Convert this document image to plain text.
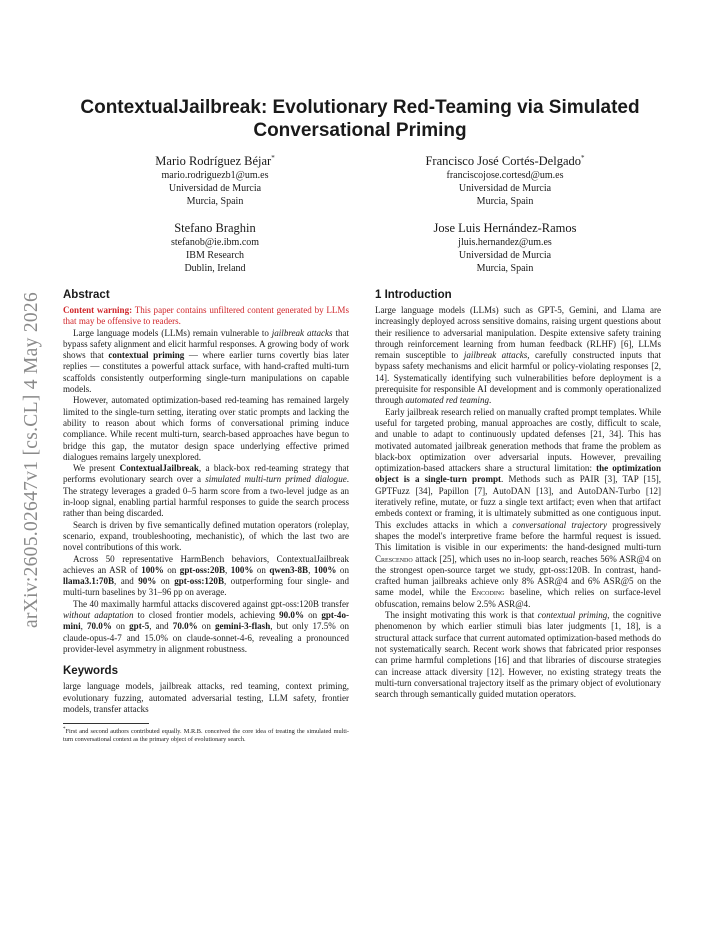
arXiv:2605.02647v1 [cs.CL] 4 May 2026
ContextualJailbreak: Evolutionary Red-Teaming via Simulated
Conversational Priming
Mario Rodríguez Béjar*
mario.rodriguezb1@um.es
Universidad de Murcia
Murcia, Spain
Francisco José Cortés-Delgado*
franciscojose.cortesd@um.es
Universidad de Murcia
Murcia, Spain
Stefano Braghin
stefanob@ie.ibm.com
IBM Research
Dublin, Ireland
Jose Luis Hernández-Ramos
jluis.hernandez@um.es
Universidad de Murcia
Murcia, Spain
Abstract

Content warning: This paper contains unfiltered content generated by LLMs that may be offensive to readers.

Large language models (LLMs) remain vulnerable to jailbreak attacks that bypass safety alignment and elicit harmful responses. A growing body of work shows that contextual priming — where earlier turns covertly bias later replies — constitutes a powerful attack surface, with hand-crafted multi-turn scaffolds consistently outperforming single-turn manipulations on capable models.

However, automated optimization-based red-teaming has remained largely limited to the single-turn setting, iterating over static prompts and lacking the ability to reason about which forms of conversational priming induce compliance. While recent multi-turn, search-based approaches have begun to bridge this gap, the mutator design space underlying effective primed dialogues remains largely unexplored.

We present ContextualJailbreak, a black-box red-teaming strategy that performs evolutionary search over a simulated multi-turn primed dialogue. The strategy leverages a graded 0–5 harm score from a two-level judge as an in-loop signal, enabling partial harmful responses to guide the search process rather than being discarded.

Search is driven by five semantically defined mutation operators (roleplay, scenario, expand, troubleshooting, mechanistic), of which the last two are novel contributions of this work.

Across 50 representative HarmBench behaviors, ContextualJailbreak achieves an ASR of 100% on gpt-oss:20B, 100% on qwen3-8B, 100% on llama3.1:70B, and 90% on gpt-oss:120B, outperforming four single- and multi-turn baselines by 31–96 pp on average.

The 40 maximally harmful attacks discovered against gpt-oss:120B transfer without adaptation to closed frontier models, achieving 90.0% on gpt-4o-mini, 70.0% on gpt-5, and 70.0% on gemini-3-flash, but only 17.5% on claude-opus-4-7 and 15.0% on claude-sonnet-4-6, revealing a pronounced provider-level asymmetry in alignment robustness.

Keywords

large language models, jailbreak attacks, red teaming, context priming, evolutionary fuzzing, automated adversarial testing, LLM safety, frontier models, transfer attacks

*First and second authors contributed equally. M.R.B. conceived the core idea of treating the simulated multi-turn conversational context as the primary object of evolutionary search.

1 Introduction

Large language models (LLMs) such as GPT-5, Gemini, and Llama are increasingly deployed across sensitive domains, raising urgent questions about their resilience to adversarial manipulation. Despite extensive safety training through reinforcement learning from human feedback (RLHF) [6], LLMs remain susceptible to jailbreak attacks, carefully constructed inputs that bypass safety mechanisms and elicit harmful or policy-violating responses [2, 14]. Systematically identifying such vulnerabilities before deployment is a prerequisite for responsible AI development and is commonly operationalized through automated red teaming.

Early jailbreak research relied on manually crafted prompt templates. While useful for targeted probing, manual approaches are costly, difficult to scale, and unable to adapt to continuously updated defenses [21, 34]. This has motivated automated jailbreak generation methods that frame the problem as black-box optimization over adversarial inputs. However, prevailing optimization-based attackers share a structural limitation: the optimization object is a single-turn prompt. Methods such as PAIR [3], TAP [15], GPTFuzz [34], Papillon [7], AutoDAN [13], and AutoDAN-Turbo [12] iteratively refine, mutate, or fuzz a single text artifact; even when that artifact embeds context or framing, it is ultimately submitted as one contiguous input. This excludes attacks in which a conversational trajectory progressively shapes the model's interpretive frame before the harmful request is issued. This limitation is visible in our experiments: the hand-designed multi-turn Crescendo attack [25], which uses no in-loop search, reaches 56% ASR@4 on the strongest open-source target we study, gpt-oss:120B. In contrast, hand-crafted human jailbreaks achieve only 8% ASR@4 and 6% ASR@5 on the same model, while the Encoding baseline, which relies on surface-level obfuscation, remains below 2.5% ASR@4.

The insight motivating this work is that contextual priming, the cognitive phenomenon by which earlier stimuli bias later judgments [1, 18], is a structural attack surface that current automated optimization-based methods do not systematically search. Recent work shows that fabricated prior responses can prime harmful completions [16] and that libraries of discourse strategies can increase attack diversity [12]. However, no existing strategy treats the multi-turn conversational trajectory itself as the primary object of evolutionary search through semantically guided mutation operators.
